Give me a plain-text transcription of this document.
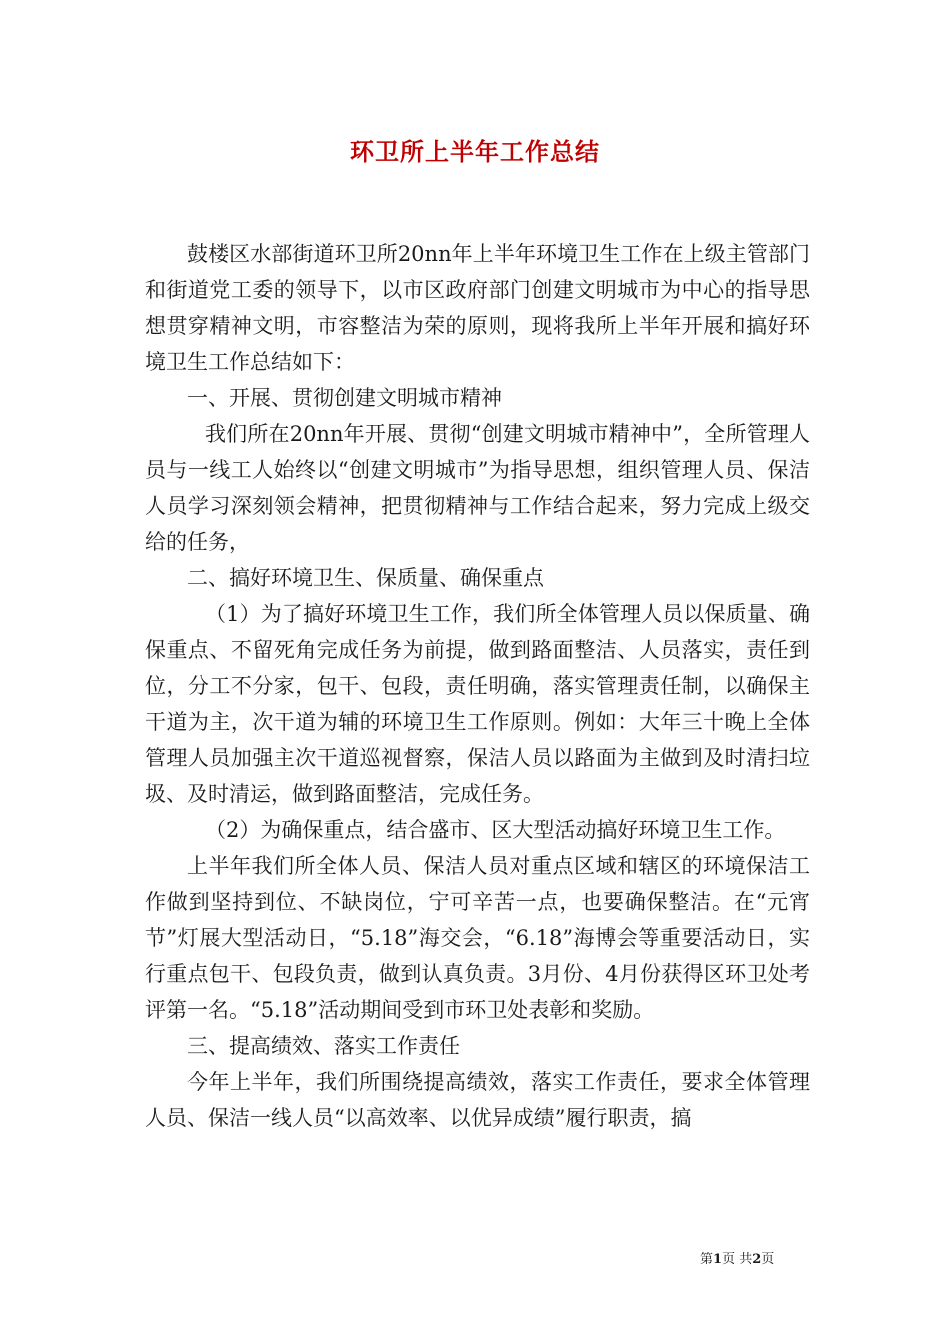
环卫所上半年工作总结

鼓楼区水部街道环卫所20nn年上半年环境卫生工作在上级主管部门和街道党工委的领导下，以市区政府部门创建文明城市为中心的指导思想贯穿精神文明，市容整洁为荣的原则，现将我所上半年开展和搞好环境卫生工作总结如下：

一、开展、贯彻创建文明城市精神

我们所在20nn年开展、贯彻“创建文明城市精神中”，全所管理人员与一线工人始终以“创建文明城市”为指导思想，组织管理人员、保洁人员学习深刻领会精神，把贯彻精神与工作结合起来，努力完成上级交给的任务，

二、搞好环境卫生、保质量、确保重点

（1）为了搞好环境卫生工作，我们所全体管理人员以保质量、确保重点、不留死角完成任务为前提，做到路面整洁、人员落实，责任到位，分工不分家，包干、包段，责任明确，落实管理责任制，以确保主干道为主，次干道为辅的环境卫生工作原则。例如：大年三十晚上全体管理人员加强主次干道巡视督察，保洁人员以路面为主做到及时清扫垃圾、及时清运，做到路面整洁，完成任务。

（2）为确保重点，结合盛市、区大型活动搞好环境卫生工作。

上半年我们所全体人员、保洁人员对重点区域和辖区的环境保洁工作做到坚持到位、不缺岗位，宁可辛苦一点，也要确保整洁。在“元宵节”灯展大型活动日，“5.18”海交会，“6.18”海博会等重要活动日，实行重点包干、包段负责，做到认真负责。3月份、4月份获得区环卫处考评第一名。“5.18”活动期间受到市环卫处表彰和奖励。

三、提高绩效、落实工作责任

今年上半年，我们所围绕提高绩效，落实工作责任，要求全体管理人员、保洁一线人员“以高效率、以优异成绩”履行职责，搞

第1页 共2页
